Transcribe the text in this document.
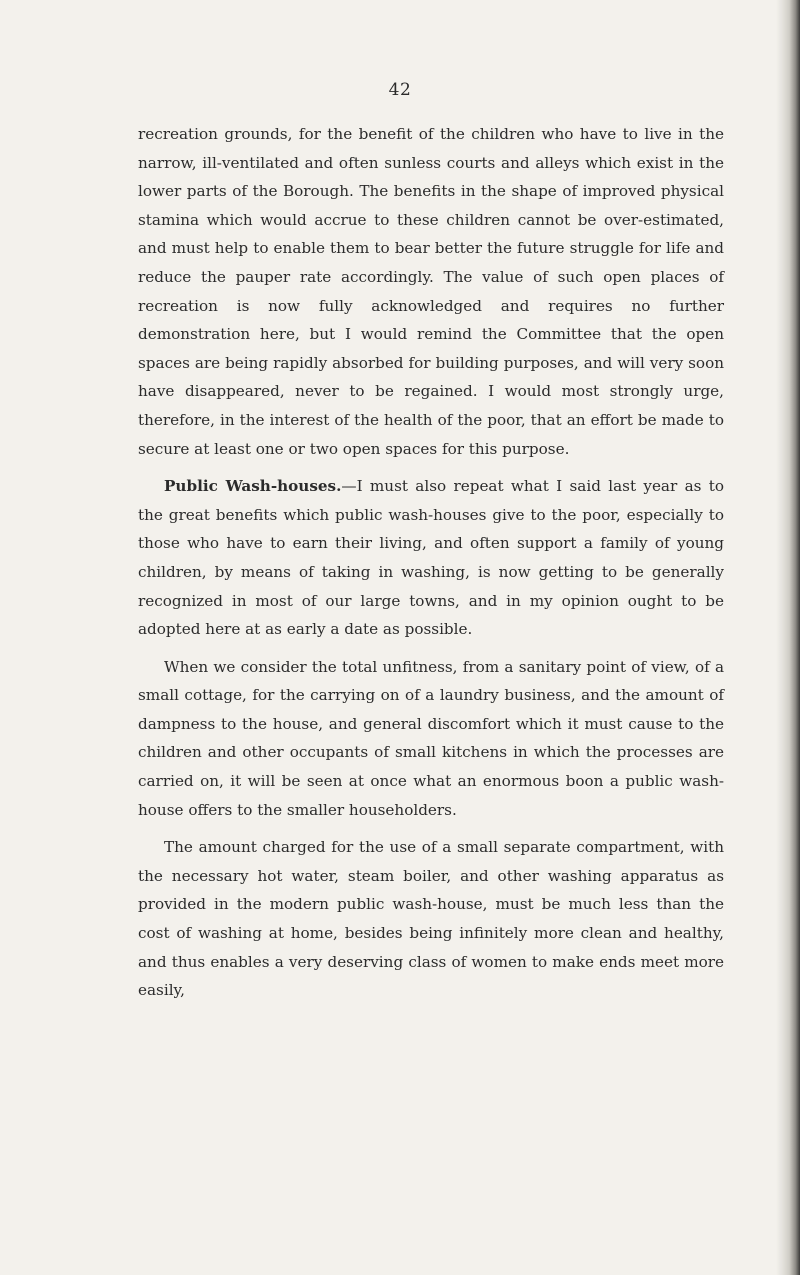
42

recreation grounds, for the benefit of the children who have to live in the narrow, ill-ventilated and often sunless courts and alleys which exist in the lower parts of the Borough. The benefits in the shape of improved physical stamina which would accrue to these children cannot be over-estimated, and must help to enable them to bear better the future struggle for life and reduce the pauper rate accordingly. The value of such open places of recreation is now fully acknowledged and requires no further demonstration here, but I would remind the Committee that the open spaces are being rapidly absorbed for building purposes, and will very soon have disappeared, never to be regained. I would most strongly urge, therefore, in the interest of the health of the poor, that an effort be made to secure at least one or two open spaces for this purpose.

Public Wash-houses.—I must also repeat what I said last year as to the great benefits which public wash-houses give to the poor, especially to those who have to earn their living, and often support a family of young children, by means of taking in washing, is now getting to be generally recognized in most of our large towns, and in my opinion ought to be adopted here at as early a date as possible.

When we consider the total unfitness, from a sanitary point of view, of a small cottage, for the carrying on of a laundry business, and the amount of dampness to the house, and general discomfort which it must cause to the children and other occupants of small kitchens in which the processes are carried on, it will be seen at once what an enormous boon a public wash-house offers to the smaller householders.

The amount charged for the use of a small separate compartment, with the necessary hot water, steam boiler, and other washing apparatus as provided in the modern public wash-house, must be much less than the cost of washing at home, besides being infinitely more clean and healthy, and thus enables a very deserving class of women to make ends meet more easily,
